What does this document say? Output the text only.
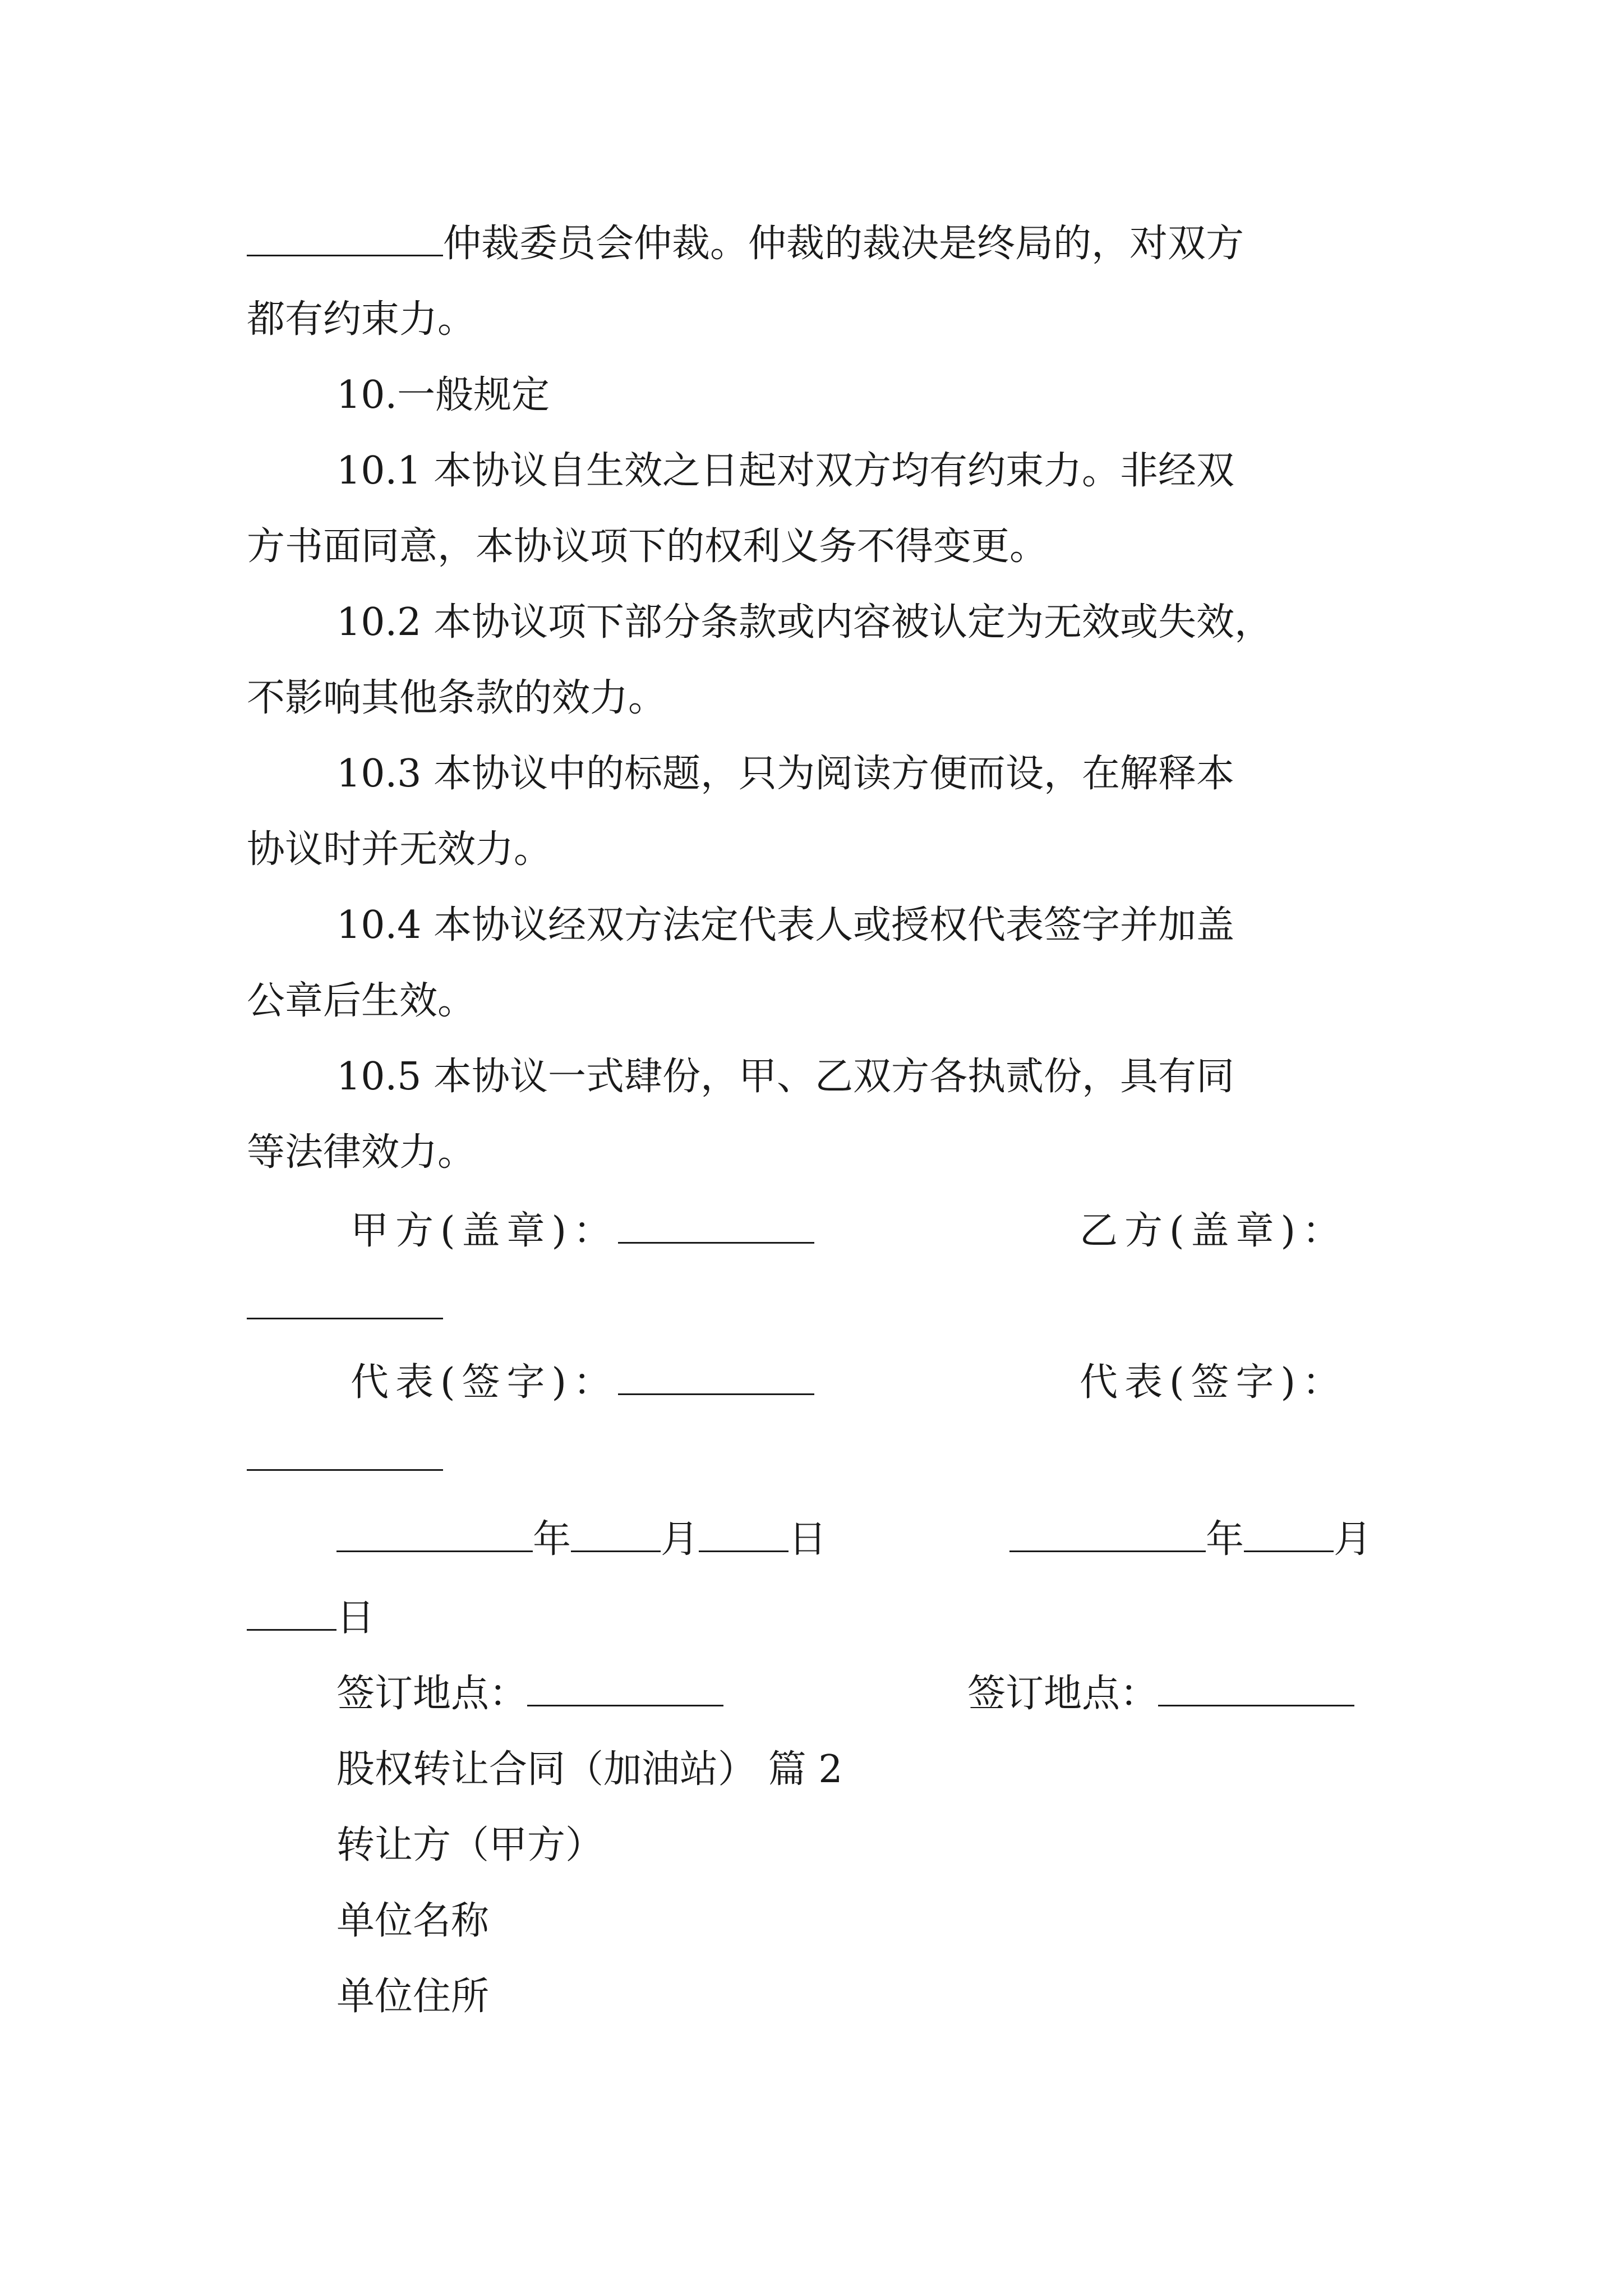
仲裁委员会仲裁。仲裁的裁决是终局的，对双方
都有约束力。
10.一般规定
10.1 本协议自生效之日起对双方均有约束力。非经双
方书面同意，本协议项下的权利义务不得变更。
10.2 本协议项下部分条款或内容被认定为无效或失效，
不影响其他条款的效力。
10.3 本协议中的标题，只为阅读方便而设，在解释本
协议时并无效力。
10.4 本协议经双方法定代表人或授权代表签字并加盖
公章后生效。
10.5 本协议一式肆份，甲、乙双方各执贰份，具有同
等法律效力。
甲方(盖章)：	乙方(盖章)：
代表(签字)：	代表(签字)：
年 月 日	年 月
日
签订地点：	签订地点：
股权转让合同（加油站） 篇 2
转让方（甲方）
单位名称
单位住所
